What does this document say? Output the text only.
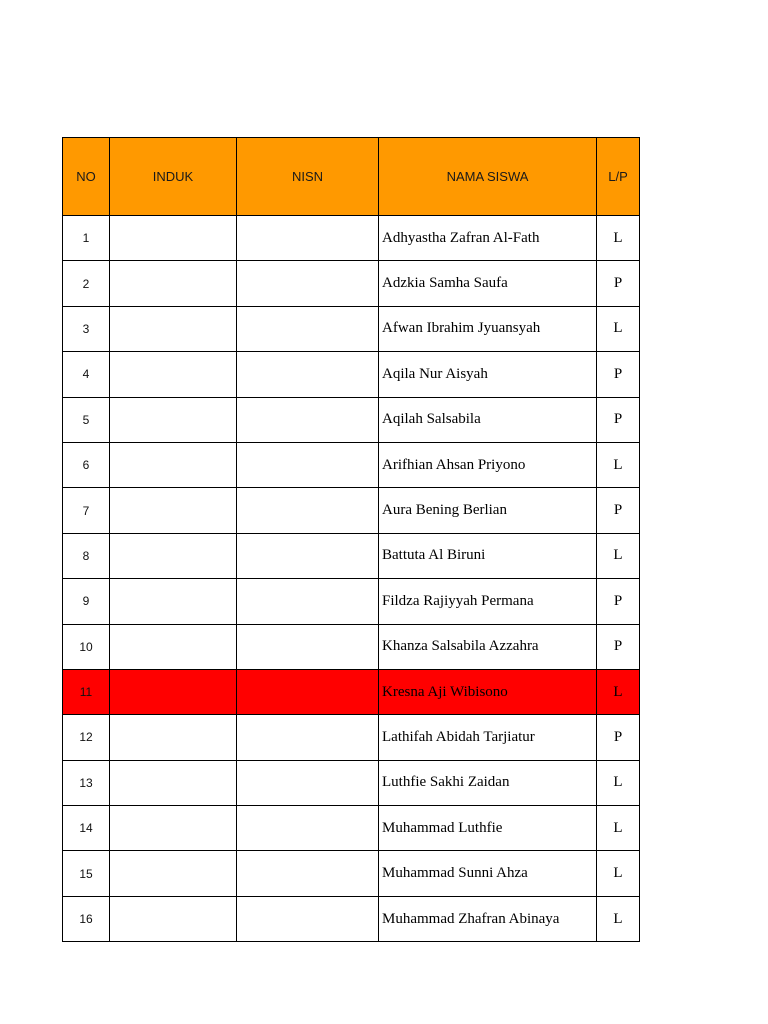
NO	INDUK	NISN	NAMA SISWA	L/P
1			Adhyastha Zafran Al-Fath	L
2			Adzkia Samha Saufa	P
3			Afwan Ibrahim Jyuansyah	L
4			Aqila Nur Aisyah	P
5			Aqilah Salsabila	P
6			Arifhian Ahsan Priyono	L
7			Aura Bening Berlian	P
8			Battuta Al Biruni	L
9			Fildza Rajiyyah Permana	P
10			Khanza Salsabila Azzahra	P
11			Kresna Aji Wibisono	L
12			Lathifah Abidah Tarjiatur	P
13			Luthfie Sakhi Zaidan	L
14			Muhammad Luthfie	L
15			Muhammad Sunni Ahza	L
16			Muhammad Zhafran Abinaya	L
